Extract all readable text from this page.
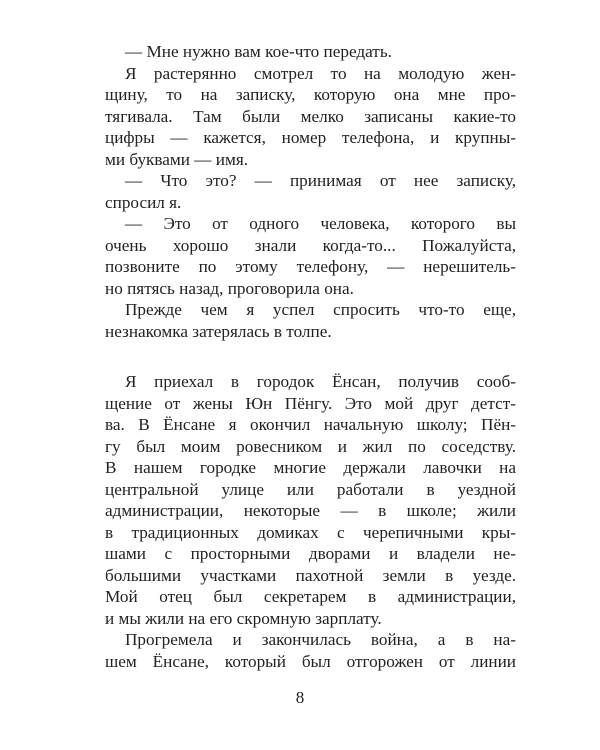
— Мне нужно вам кое-что передать.
Я растерянно смотрел то на молодую жен-
щину, то на записку, которую она мне про-
тягивала. Там были мелко записаны какие-то
цифры — кажется, номер телефона, и крупны-
ми буквами — имя.
— Что это? — принимая от нее записку,
спросил я.
— Это от одного человека, которого вы
очень хорошо знали когда-то... Пожалуйста,
позвоните по этому телефону, — нерешитель-
но пятясь назад, проговорила она.
Прежде чем я успел спросить что-то еще,
незнакомка затерялась в толпе.
Я приехал в городок Ёнсан, получив сооб-
щение от жены Юн Пёнгу. Это мой друг детст-
ва. В Ёнсане я окончил начальную школу; Пён-
гу был моим ровесником и жил по соседству.
В нашем городке многие держали лавочки на
центральной улице или работали в уездной
администрации, некоторые — в школе; жили
в традиционных домиках с черепичными кры-
шами с просторными дворами и владели не-
большими участками пахотной земли в уезде.
Мой отец был секретарем в администрации,
и мы жили на его скромную зарплату.
Прогремела и закончилась война, а в на-
шем Ёнсане, который был отгорожен от линии
8
